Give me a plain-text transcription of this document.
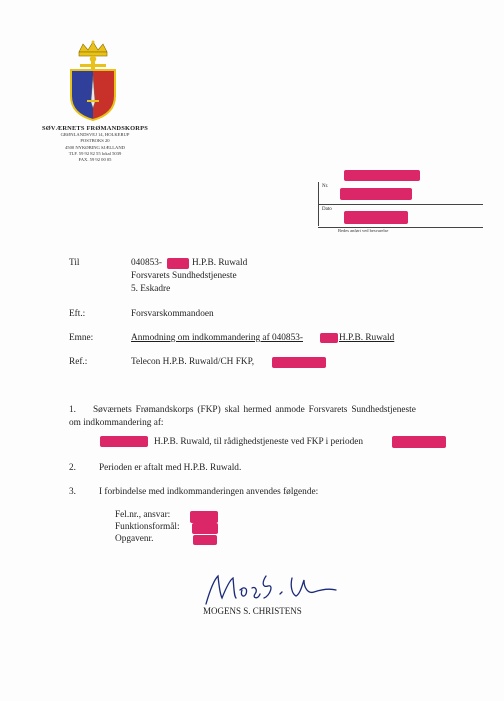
SØVÆRNETS FRØMANDSKORPS
GRØNLANDSVEJ 14, HOLKERUP
POSTBOKS 20
4500 NYKØBING SJÆLLAND
TLF. 59 92 82 55 lokal 5039
FAX. 59 92 00 05
Nr.
Dato
Bedes anført ved besvarelse
Til	040853-	H.P.B. Ruwald
Forsvarets Sundhedstjeneste
5. Eskadre
Eft.:	Forsvarskommandoen
Emne:	Anmodning om indkommandering af 040853-	H.P.B. Ruwald
Ref.:	Telecon H.P.B. Ruwald/CH FKP,
1. Søværnets Frømandskorps (FKP) skal hermed anmode Forsvarets Sundhedstjeneste
om indkommandering af:
H.P.B. Ruwald, til rådighedstjeneste ved FKP i perioden
2. Perioden er aftalt med H.P.B. Ruwald.
3. I forbindelse med indkommanderingen anvendes følgende:
Fel.nr., ansvar:
Funktionsformål:
Opgavenr.
MOGENS S. CHRISTENS
